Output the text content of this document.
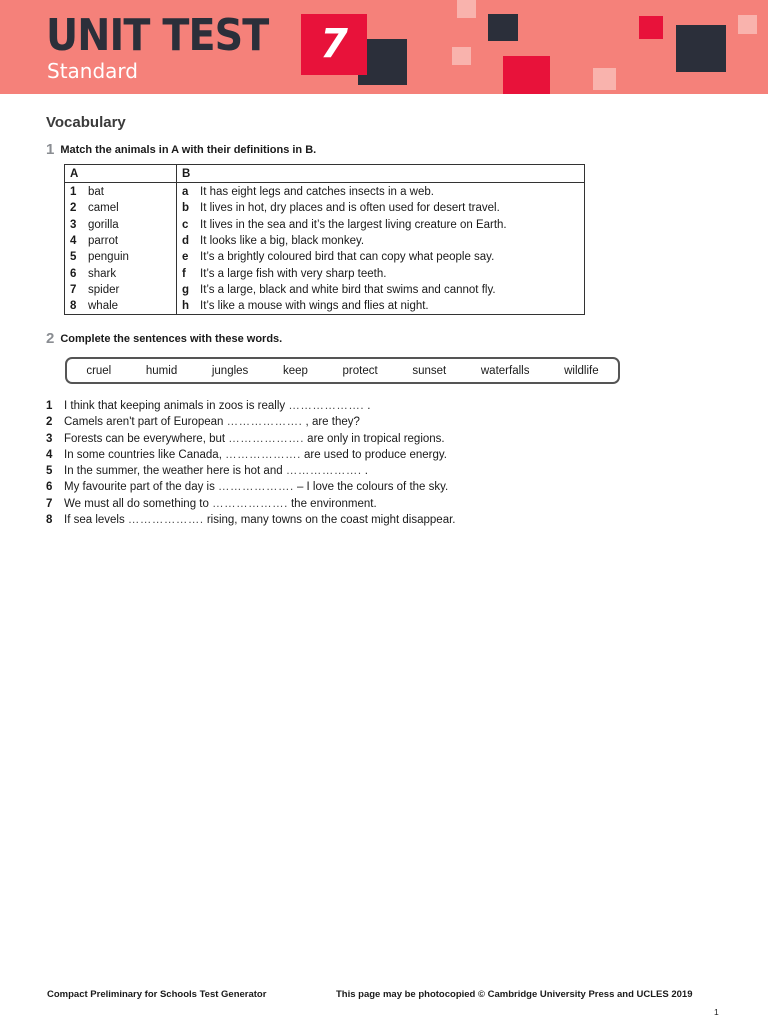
UNIT TEST
Standard
7
Vocabulary
1 Match the animals in A with their definitions in B.
A	B
1 bat	a It has eight legs and catches insects in a web.
2 camel	b It lives in hot, dry places and is often used for desert travel.
3 gorilla	c It lives in the sea and it’s the largest living creature on Earth.
4 parrot	d It looks like a big, black monkey.
5 penguin	e It’s a brightly coloured bird that can copy what people say.
6 shark	f It’s a large fish with very sharp teeth.
7 spider	g It’s a large, black and white bird that swims and cannot fly.
8 whale	h It’s like a mouse with wings and flies at night.
2 Complete the sentences with these words.
cruel	humid	jungles	keep	protect	sunset	waterfalls	wildlife
1 I think that keeping animals in zoos is really ………………. .
2 Camels aren't part of European ………………. , are they?
3 Forests can be everywhere, but ………………. are only in tropical regions.
4 In some countries like Canada, ………………. are used to produce energy.
5 In the summer, the weather here is hot and ………………. .
6 My favourite part of the day is ………………. – I love the colours of the sky.
7 We must all do something to ………………. the environment.
8 If sea levels ………………. rising, many towns on the coast might disappear.
Compact Preliminary for Schools Test Generator	This page may be photocopied © Cambridge University Press and UCLES 2019
1
